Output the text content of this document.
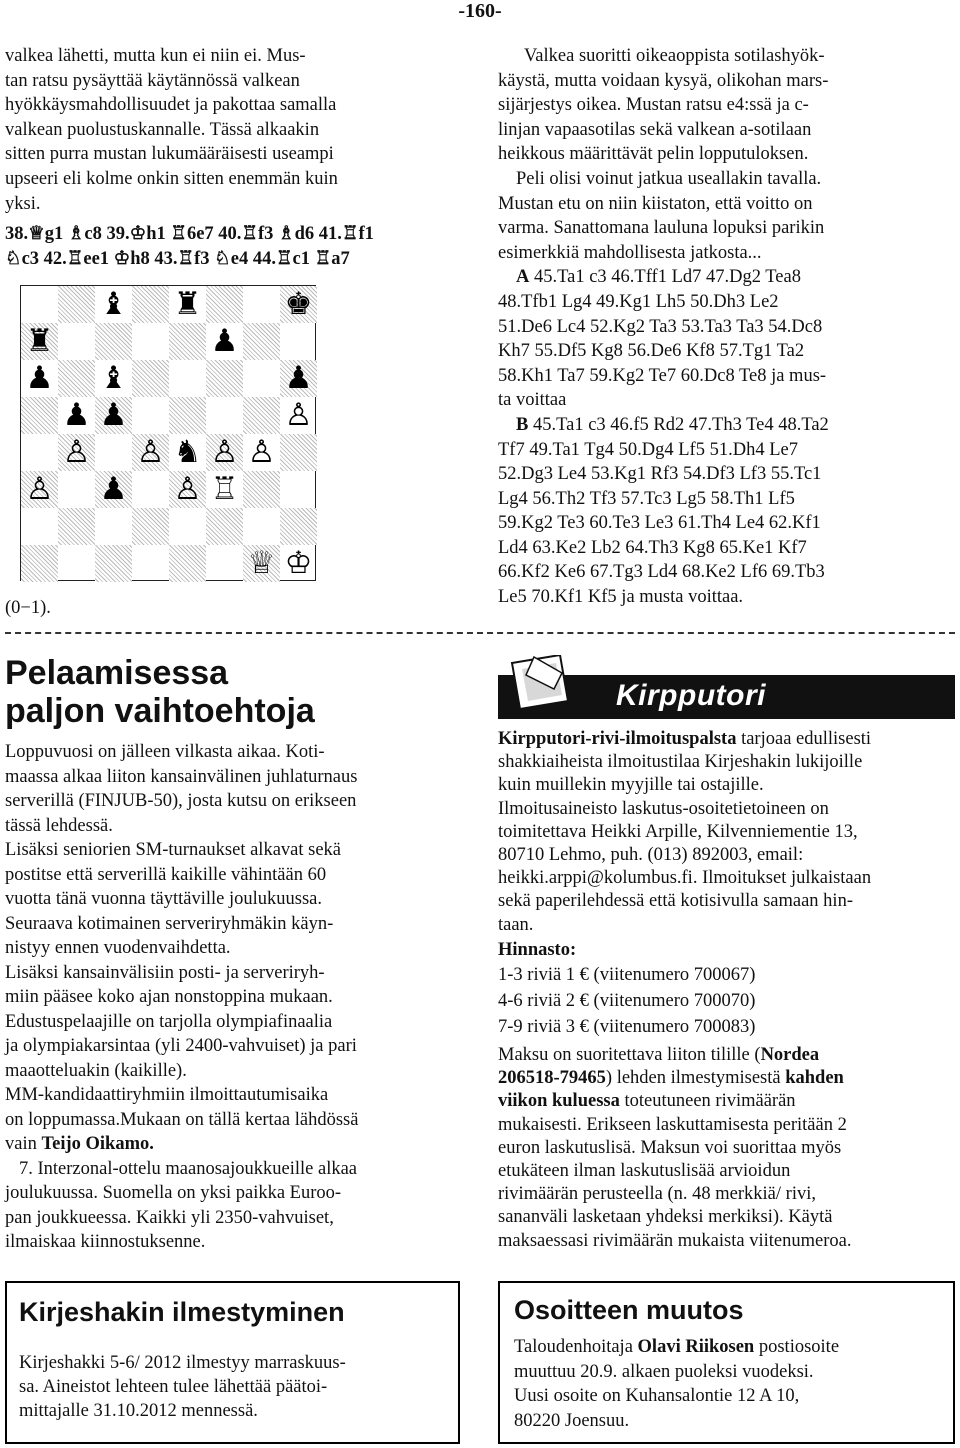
-160-

valkea lähetti, mutta kun ei niin ei. Mus-

tan ratsu pysäyttää käytännössä valkean

hyökkäysmahdollisuudet ja pakottaa samalla

valkean puolustuskannalle. Tässä alkaakin

sitten purra mustan lukumääräisesti useampi

upseeri eli kolme onkin sitten enemmän kuin

yksi.

38.♕g1 ♗c8 39.♔h1 ♖6e7 40.♖f3 ♗d6 41.♖f1
♘c3 42.♖ee1 ♔h8 43.♖f3 ♘e4 44.♖c1 ♖a7
♝ ♜	♚
♜	♟
♟ ♝	♟
♟ ♟	♙
♙ ♙ ♞ ♙ ♙
♙ ♟ ♙ ♖
♕ ♔
(0−1).

Valkea suoritti oikeaoppista sotilashyök-

käystä, mutta voidaan kysyä, olikohan mars-

sijärjestys oikea. Mustan ratsu e4:ssä ja c-

linjan vapaasotilas sekä valkean a-sotilaan

heikkous määrittävät pelin lopputuloksen.

Peli olisi voinut jatkua useallakin tavalla.

Mustan etu on niin kiistaton, että voitto on

varma. Sanattomana lauluna lopuksi parikin

esimerkkiä mahdollisesta jatkosta...

A 45.Ta1 c3 46.Tff1 Ld7 47.Dg2 Tea8

48.Tfb1 Lg4 49.Kg1 Lh5 50.Dh3 Le2

51.De6 Lc4 52.Kg2 Ta3 53.Ta3 Ta3 54.Dc8

Kh7 55.Df5 Kg8 56.De6 Kf8 57.Tg1 Ta2

58.Kh1 Ta7 59.Kg2 Te7 60.Dc8 Te8 ja mus-

ta voittaa

B 45.Ta1 c3 46.f5 Rd2 47.Th3 Te4 48.Ta2

Tf7 49.Ta1 Tg4 50.Dg4 Lf5 51.Dh4 Le7

52.Dg3 Le4 53.Kg1 Rf3 54.Df3 Lf3 55.Tc1

Lg4 56.Th2 Tf3 57.Tc3 Lg5 58.Th1 Lf5

59.Kg2 Te3 60.Te3 Le3 61.Th4 Le4 62.Kf1

Ld4 63.Ke2 Lb2 64.Th3 Kg8 65.Ke1 Kf7

66.Kf2 Ke6 67.Tg3 Ld4 68.Ke2 Lf6 69.Tb3

Le5 70.Kf1 Kf5 ja musta voittaa.

Pelaamisessa
paljon vaihtoehtoja

Loppuvuosi on jälleen vilkasta aikaa. Koti-

maassa alkaa liiton kansainvälinen juhlaturnaus

serverillä (FINJUB-50), josta kutsu on erikseen

tässä lehdessä.

Lisäksi seniorien SM-turnaukset alkavat sekä

postitse että serverillä kaikille vähintään 60

vuotta tänä vuonna täyttäville joulukuussa.

Seuraava kotimainen serveriryhmäkin käyn-

nistyy ennen vuodenvaihdetta.

Lisäksi kansainvälisiin posti- ja serveriryh-

miin pääsee koko ajan nonstoppina mukaan.

Edustuspelaajille on tarjolla olympiafinaalia

ja olympiakarsintaa (yli 2400-vahvuiset) ja pari

maaotteluakin (kaikille).

MM-kandidaattiryhmiin ilmoittautumisaika

on loppumassa.Mukaan on tällä kertaa lähdössä

vain Teijo Oikamo.

7. Interzonal-ottelu maanosajoukkueille alkaa

joulukuussa. Suomella on yksi paikka Euroo-

pan joukkueessa. Kaikki yli 2350-vahvuiset,

ilmaiskaa kiinnostuksenne.

Kirpputori

Kirpputori-rivi-ilmoituspalsta tarjoaa edullisesti

shakkiaiheista ilmoitustilaa Kirjeshakin lukijoille

kuin muillekin myyjille tai ostajille.

Ilmoitusaineisto laskutus-osoitetietoineen on

toimitettava Heikki Arpille, Kilvenniementie 13,

80710 Lehmo, puh. (013) 892003, email:

heikki.arppi@kolumbus.fi. Ilmoitukset julkaistaan

sekä paperilehdessä että kotisivulla samaan hin-

taan.

Hinnasto:

1-3 riviä 1 € (viitenumero 700067)

4-6 riviä 2 € (viitenumero 700070)

7-9 riviä 3 € (viitenumero 700083)

Maksu on suoritettava liiton tilille (Nordea

206518-79465) lehden ilmestymisestä kahden

viikon kuluessa toteutuneen rivimäärän

mukaisesti. Erikseen laskuttamisesta peritään 2

euron laskutuslisä. Maksun voi suorittaa myös

etukäteen ilman laskutuslisää arvioidun

rivimäärän perusteella (n. 48 merkkiä/ rivi,

sananväli lasketaan yhdeksi merkiksi). Käytä

maksaessasi rivimäärän mukaista viitenumeroa.

Kirjeshakin ilmestyminen

Kirjeshakki 5-6/ 2012 ilmestyy marraskuus-

sa. Aineistot lehteen tulee lähettää päätoi-

mittajalle 31.10.2012 mennessä.

Osoitteen muutos

Taloudenhoitaja Olavi Riikosen postiosoite

muuttuu 20.9. alkaen puoleksi vuodeksi.

Uusi osoite on Kuhansalontie 12 A 10,

80220 Joensuu.
